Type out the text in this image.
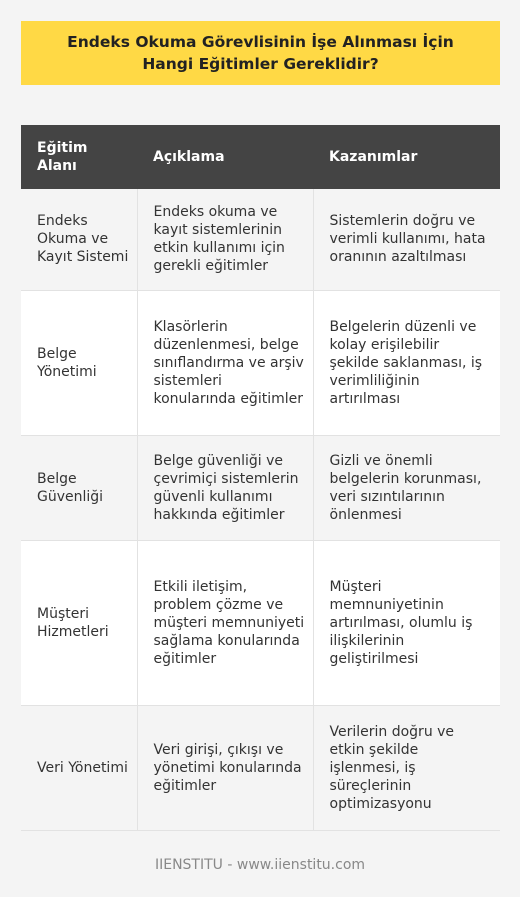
Endeks Okuma Görevlisinin İşe Alınması İçin Hangi Eğitimler Gereklidir?
Eğitim Alanı	Açıklama	Kazanımlar
Endeks Okuma ve Kayıt Sistemi	Endeks okuma ve kayıt sistemlerinin etkin kullanımı için gerekli eğitimler	Sistemlerin doğru ve verimli kullanımı, hata oranının azaltılması
Belge Yönetimi	Klasörlerin düzenlenmesi, belge sınıflandırma ve arşiv sistemleri konularında eğitimler	Belgelerin düzenli ve kolay erişilebilir şekilde saklanması, iş verimliliğinin artırılması
Belge Güvenliği	Belge güvenliği ve çevrimiçi sistemlerin güvenli kullanımı hakkında eğitimler	Gizli ve önemli belgelerin korunması, veri sızıntılarının önlenmesi
Müşteri Hizmetleri	Etkili iletişim, problem çözme ve müşteri memnuniyeti sağlama konularında eğitimler	Müşteri memnuniyetinin artırılması, olumlu iş ilişkilerinin geliştirilmesi
Veri Yönetimi	Veri girişi, çıkışı ve yönetimi konularında eğitimler	Verilerin doğru ve etkin şekilde işlenmesi, iş süreçlerinin optimizasyonu
IIENSTITU - www.iienstitu.com
